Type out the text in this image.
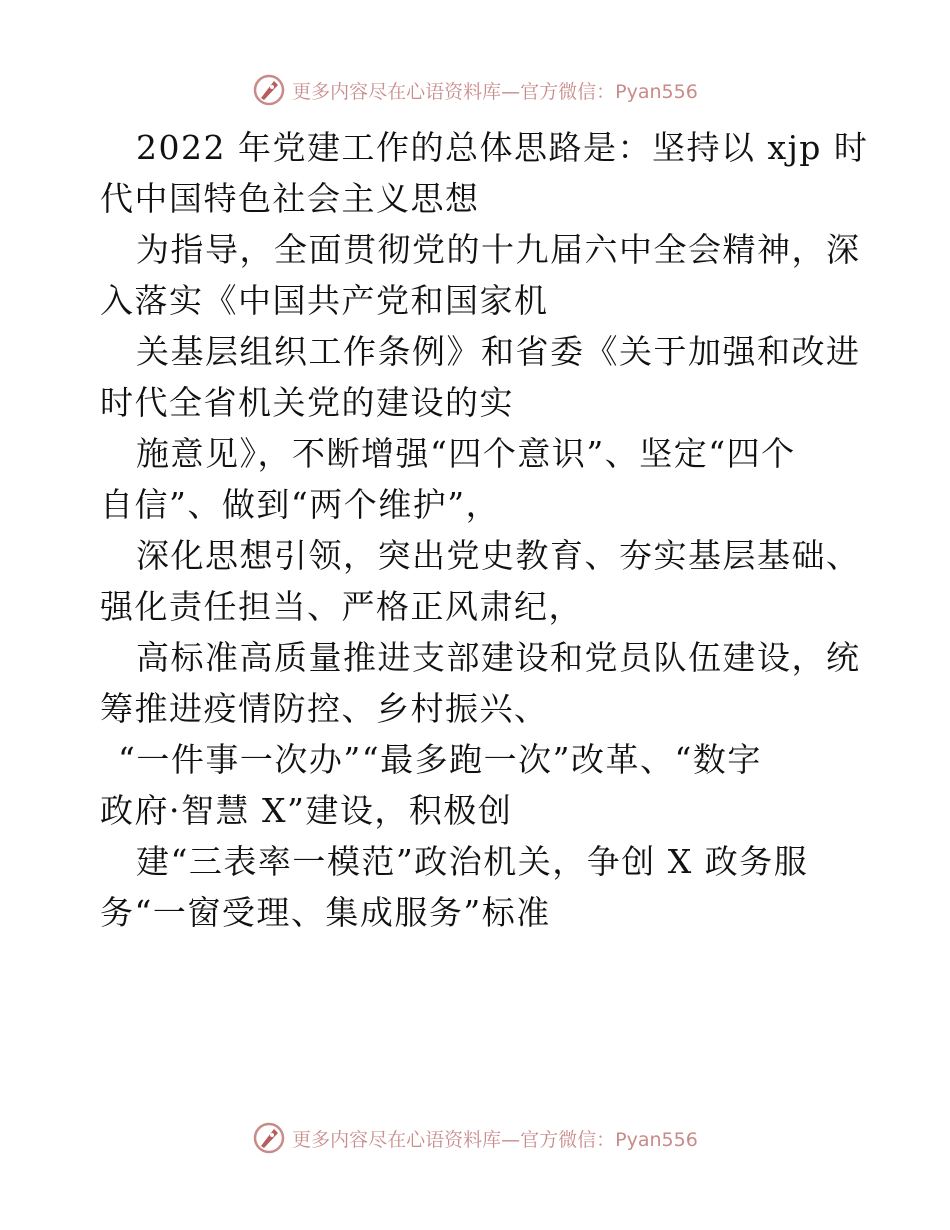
更多内容尽在心语资料库—官方微信：Pyan556
2022 年党建工作的总体思路是：坚持以 xjp 时
代中国特色社会主义思想
为指导，全面贯彻党的十九届六中全会精神，深
入落实《中国共产党和国家机
关基层组织工作条例》和省委《关于加强和改进
时代全省机关党的建设的实
施意见》，不断增强“四个意识”、坚定“四个
自信”、做到“两个维护”，
深化思想引领，突出党史教育、夯实基层基础、
强化责任担当、严格正风肃纪，
高标准高质量推进支部建设和党员队伍建设，统
筹推进疫情防控、乡村振兴、
“一件事一次办”“最多跑一次”改革、“数字
政府·智慧 X”建设，积极创
建“三表率一模范”政治机关，争创 X 政务服
务“一窗受理、集成服务”标准
更多内容尽在心语资料库—官方微信：Pyan556
